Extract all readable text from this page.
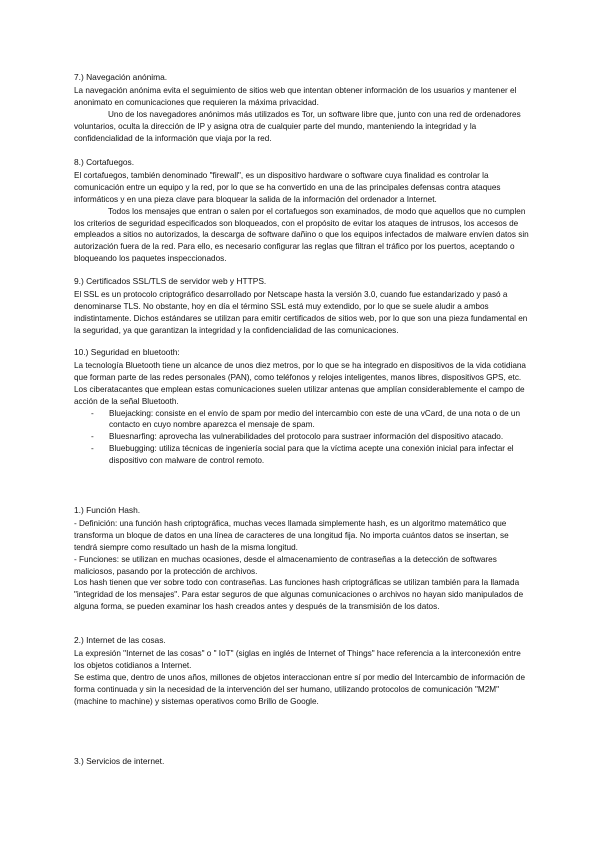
7.) Navegación anónima.

La navegación anónima evita el seguimiento de sitios web que intentan obtener información de los usuarios y mantener el anonimato en comunicaciones que requieren la máxima privacidad.

Uno de los navegadores anónimos más utilizados es Tor, un software libre que, junto con una red de ordenadores voluntarios, oculta la dirección de IP y asigna otra de cualquier parte del mundo, manteniendo la integridad y la confidencialidad de la información que viaja por la red.

8.) Cortafuegos.

El cortafuegos, también denominado "firewall", es un dispositivo hardware o software cuya finalidad es controlar la comunicación entre un equipo y la red, por lo que se ha convertido en una de las principales defensas contra ataques informáticos y en una pieza clave para bloquear la salida de la información del ordenador a Internet.

Todos los mensajes que entran o salen por el cortafuegos son examinados, de modo que aquellos que no cumplen los criterios de seguridad especificados son bloqueados, con el propósito de evitar los ataques de intrusos, los accesos de empleados a sitios no autorizados, la descarga de software dañino o que los equipos infectados de malware envíen datos sin autorización fuera de la red. Para ello, es necesario configurar las reglas que filtran el tráfico por los puertos, aceptando o bloqueando los paquetes inspeccionados.

9.) Certificados SSL/TLS de servidor web y HTTPS.

El SSL es un protocolo criptográfico desarrollado por Netscape hasta la versión 3.0, cuando fue estandarizado y pasó a denominarse TLS. No obstante, hoy en día el término SSL está muy extendido, por lo que se suele aludir a ambos indistintamente. Dichos estándares se utilizan para emitir certificados de sitios web, por lo que son una pieza fundamental en la seguridad, ya que garantizan la integridad y la confidencialidad de las comunicaciones.

10.) Seguridad en bluetooth:

La tecnología Bluetooth tiene un alcance de unos diez metros, por lo que se ha integrado en dispositivos de la vida cotidiana que forman parte de las redes personales (PAN), como teléfonos y relojes inteligentes, manos libres, dispositivos GPS, etc.

Los ciberatacantes que emplean estas comunicaciones suelen utilizar antenas que amplían considerablemente el campo de acción de la señal Bluetooth.

- Bluejacking: consiste en el envío de spam por medio del intercambio con este de una vCard, de una nota o de un contacto en cuyo nombre aparezca el mensaje de spam.
- Bluesnarfing: aprovecha las vulnerabilidades del protocolo para sustraer información del dispositivo atacado.
- Bluebugging: utiliza técnicas de ingeniería social para que la víctima acepte una conexión inicial para infectar el dispositivo con malware de control remoto.

1.) Función Hash.

- Definición: una función hash criptográfica, muchas veces llamada simplemente hash, es un algoritmo matemático que transforma un bloque de datos en una línea de caracteres de una longitud fija. No importa cuántos datos se insertan, se tendrá siempre como resultado un hash de la misma longitud.

- Funciones: se utilizan en muchas ocasiones, desde el almacenamiento de contraseñas a la detección de softwares maliciosos, pasando por la protección de archivos.

Los hash tienen que ver sobre todo con contraseñas. Las funciones hash criptográficas se utilizan también para la llamada "integridad de los mensajes". Para estar seguros de que algunas comunicaciones o archivos no hayan sido manipulados de alguna forma, se pueden examinar los hash creados antes y después de la transmisión de los datos.

2.) Internet de las cosas.

La expresión "Internet de las cosas" o " IoT" (siglas en inglés de Internet of Things" hace referencia a la interconexión entre los objetos cotidianos a Internet.

Se estima que, dentro de unos años, millones de objetos interaccionan entre sí por medio del Intercambio de información de forma continuada y sin la necesidad de la intervención del ser humano, utilizando protocolos de comunicación "M2M" (machine to machine) y sistemas operativos como Brillo de Google.

3.) Servicios de internet.
